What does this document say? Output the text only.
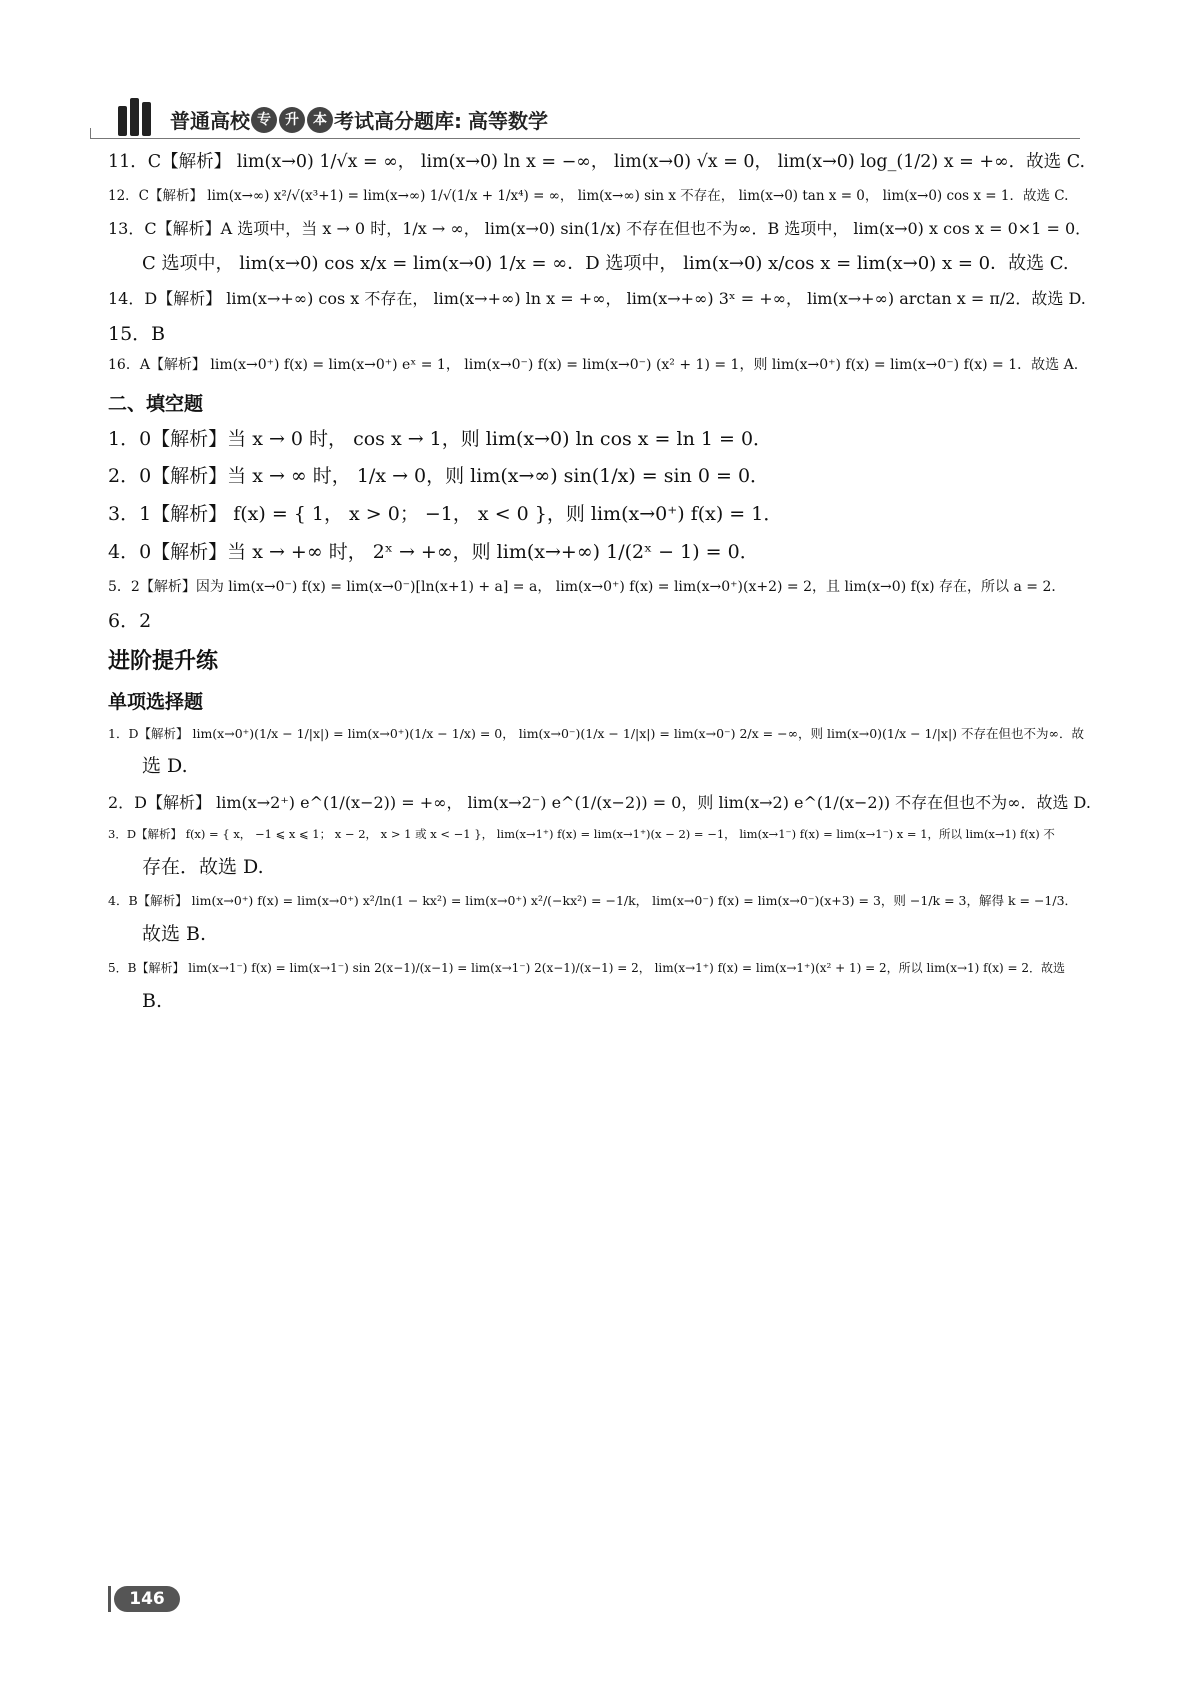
普通高校 专	升	本 考试高分题库: 高等数学
11．C【解析】 lim(x→0) 1/√x = ∞， lim(x→0) ln x = −∞， lim(x→0) √x = 0， lim(x→0) log_(1/2) x = +∞．故选 C.
12．C【解析】 lim(x→∞) x²/√(x³+1) = lim(x→∞) 1/√(1/x + 1/x⁴) = ∞， lim(x→∞) sin x 不存在， lim(x→0) tan x = 0， lim(x→0) cos x = 1．故选 C.
13．C【解析】A 选项中，当 x → 0 时，1/x → ∞， lim(x→0) sin(1/x) 不存在但也不为∞．B 选项中， lim(x→0) x cos x = 0×1 = 0．
C 选项中， lim(x→0) cos x/x = lim(x→0) 1/x = ∞．D 选项中， lim(x→0) x/cos x = lim(x→0) x = 0．故选 C.
14．D【解析】 lim(x→+∞) cos x 不存在， lim(x→+∞) ln x = +∞， lim(x→+∞) 3ˣ = +∞， lim(x→+∞) arctan x = π/2．故选 D.
15．B
16．A【解析】 lim(x→0⁺) f(x) = lim(x→0⁺) eˣ = 1， lim(x→0⁻) f(x) = lim(x→0⁻) (x² + 1) = 1，则 lim(x→0⁺) f(x) = lim(x→0⁻) f(x) = 1．故选 A.
二、填空题
1．0【解析】当 x → 0 时， cos x → 1，则 lim(x→0) ln cos x = ln 1 = 0．
2．0【解析】当 x → ∞ 时， 1/x → 0，则 lim(x→∞) sin(1/x) = sin 0 = 0．
3．1【解析】 f(x) = { 1， x > 0； −1， x < 0 }，则 lim(x→0⁺) f(x) = 1．
4．0【解析】当 x → +∞ 时， 2ˣ → +∞，则 lim(x→+∞) 1/(2ˣ − 1) = 0．
5．2【解析】因为 lim(x→0⁻) f(x) = lim(x→0⁻)[ln(x+1) + a] = a， lim(x→0⁺) f(x) = lim(x→0⁺)(x+2) = 2，且 lim(x→0) f(x) 存在，所以 a = 2．
6．2
进阶提升练
单项选择题
1．D【解析】 lim(x→0⁺)(1/x − 1/|x|) = lim(x→0⁺)(1/x − 1/x) = 0， lim(x→0⁻)(1/x − 1/|x|) = lim(x→0⁻) 2/x = −∞，则 lim(x→0)(1/x − 1/|x|) 不存在但也不为∞．故
选 D.
2．D【解析】 lim(x→2⁺) e^(1/(x−2)) = +∞， lim(x→2⁻) e^(1/(x−2)) = 0，则 lim(x→2) e^(1/(x−2)) 不存在但也不为∞．故选 D.
3．D【解析】 f(x) = { x， −1 ⩽ x ⩽ 1； x − 2， x > 1 或 x < −1 }， lim(x→1⁺) f(x) = lim(x→1⁺)(x − 2) = −1， lim(x→1⁻) f(x) = lim(x→1⁻) x = 1，所以 lim(x→1) f(x) 不
存在．故选 D.
4．B【解析】 lim(x→0⁺) f(x) = lim(x→0⁺) x²/ln(1 − kx²) = lim(x→0⁺) x²/(−kx²) = −1/k， lim(x→0⁻) f(x) = lim(x→0⁻)(x+3) = 3，则 −1/k = 3，解得 k = −1/3．
故选 B.
5．B【解析】 lim(x→1⁻) f(x) = lim(x→1⁻) sin 2(x−1)/(x−1) = lim(x→1⁻) 2(x−1)/(x−1) = 2， lim(x→1⁺) f(x) = lim(x→1⁺)(x² + 1) = 2，所以 lim(x→1) f(x) = 2．故选
B.
146
